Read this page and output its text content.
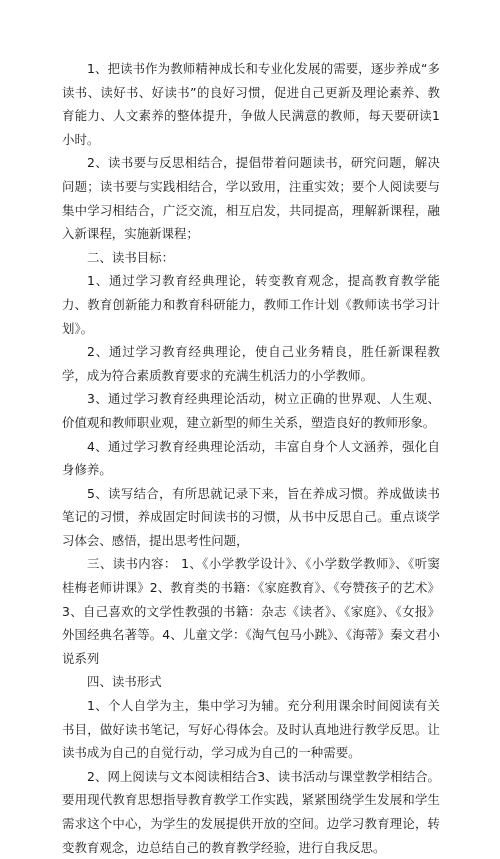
1、把读书作为教师精神成长和专业化发展的需要，逐步养成“多读书、读好书、好读书”的良好习惯，促进自己更新及理论素养、教育能力、人文素养的整体提升，争做人民满意的教师，每天要研读1小时。

2、读书要与反思相结合，提倡带着问题读书，研究问题，解决问题；读书要与实践相结合，学以致用，注重实效；要个人阅读要与集中学习相结合，广泛交流，相互启发，共同提高，理解新课程，融入新课程，实施新课程；

二、读书目标：

1、通过学习教育经典理论，转变教育观念，提高教育教学能力、教育创新能力和教育科研能力，教师工作计划《教师读书学习计划》。

2、通过学习教育经典理论，使自己业务精良，胜任新课程教学，成为符合素质教育要求的充满生机活力的小学教师。

3、通过学习教育经典理论活动，树立正确的世界观、人生观、价值观和教师职业观，建立新型的师生关系，塑造良好的教师形象。

4、通过学习教育经典理论活动，丰富自身个人文涵养，强化自身修养。

5、读写结合，有所思就记录下来，旨在养成习惯。养成做读书笔记的习惯，养成固定时间读书的习惯，从书中反思自己。重点谈学习体会、感悟，提出思考性问题，

三、读书内容： 1、《小学教学设计》、《小学数学教师》、《听窦桂梅老师讲课》2、教育类的书籍：《家庭教育》、《夸赞孩子的艺术》3、自己喜欢的文学性教强的书籍：杂志《读者》、《家庭》、《女报》外国经典名著等。4、儿童文学：《淘气包马小跳》、《海蒂》秦文君小说系列

四、读书形式

1、个人自学为主，集中学习为辅。充分利用课余时间阅读有关书目，做好读书笔记，写好心得体会。及时认真地进行教学反思。让读书成为自己的自觉行动，学习成为自己的一种需要。

2、网上阅读与文本阅读相结合3、读书活动与课堂教学相结合。要用现代教育思想指导教育教学工作实践，紧紧围绕学生发展和学生需求这个中心，为学生的发展提供开放的空间。边学习教育理论，转变教育观念，边总结自己的教育教学经验，进行自我反思。
